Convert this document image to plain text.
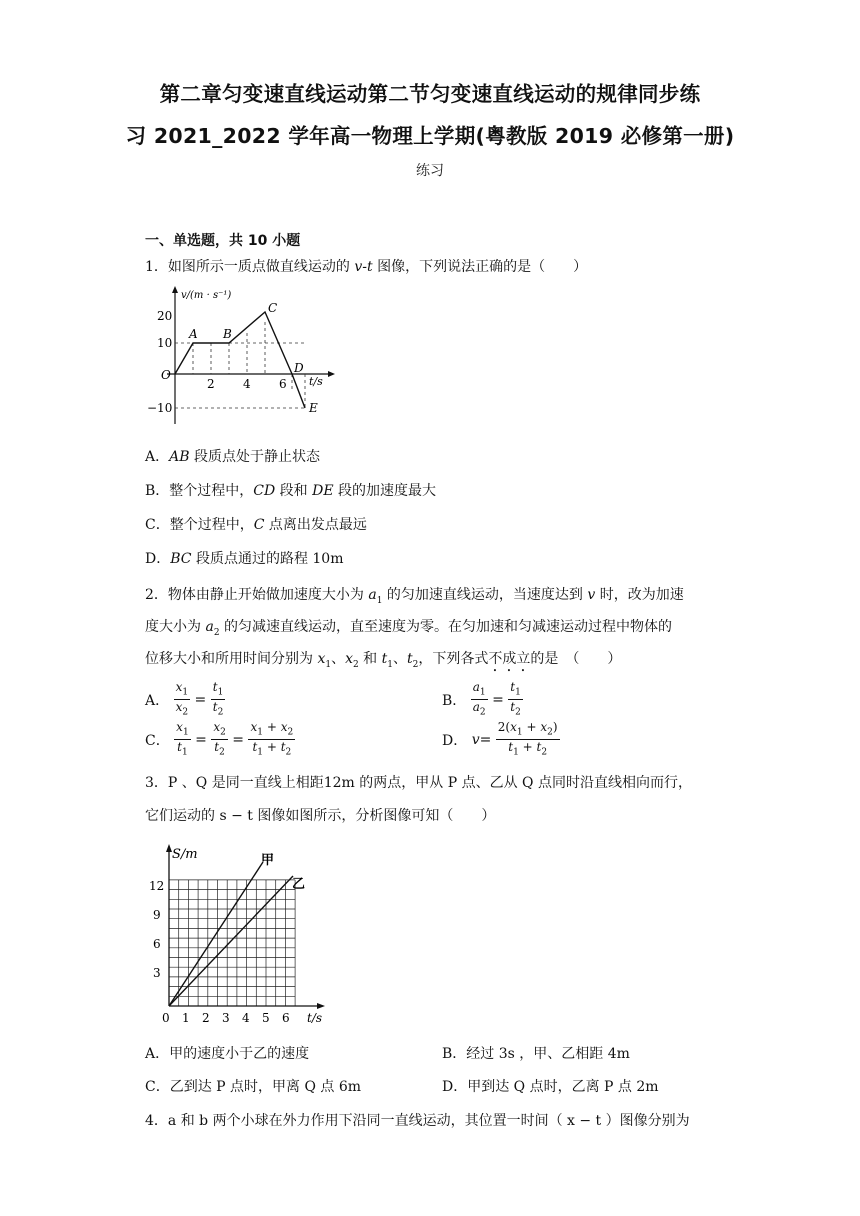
第二章匀变速直线运动第二节匀变速直线运动的规律同步练
习 2021_2022 学年高一物理上学期(粤教版 2019 必修第一册)
练习
一、单选题，共 10 小题
1．如图所示一质点做直线运动的 v-t 图像，下列说法正确的是（　　）
20
10
−10
O
2 4 6 t/s
v/(m · s⁻¹)
A B
C
D
E
A．AB 段质点处于静止状态
B．整个过程中，CD 段和 DE 段的加速度最大
C．整个过程中，C 点离出发点最远
D．BC 段质点通过的路程 10m
2．物体由静止开始做加速度大小为 $a_1$ 的匀加速直线运动，当速度达到 v 时，改为加速
度大小为 $a_2$ 的匀减速直线运动，直至速度为零。在匀加速和匀减速运动过程中物体的
位移大小和所用时间分别为 $x_1$、$x_2$ 和 $t_1$、$t_2$，下列各式不成立的是　（　　）
A． $\frac{x_1}{x_2} = \frac{t_1}{t_2}$	B． $\frac{a_1}{a_2} = \frac{t_1}{t_2}$
C． $\frac{x_1}{t_1} = \frac{x_2}{t_2} = \frac{x_1 + x_2}{t_1 + t_2}$	D． $v= \frac{2(x_1 + x_2)}{t_1 + t_2}$
3．P 、Q 是同一直线上相距12m 的两点，甲从 P 点、乙从 Q 点同时沿直线相向而行，
它们运动的 s − t 图像如图所示，分析图像可知（　　）
S/m	甲
乙
12
9
6
3
0 1 2 3 4 5 6 t/s
A．甲的速度小于乙的速度	B．经过 3s ，甲、乙相距 4m
C．乙到达 P 点时，甲离 Q 点 6m	D．甲到达 Q 点时，乙离 P 点 2m
4．a 和 b 两个小球在外力作用下沿同一直线运动，其位置一时间（ x − t ）图像分别为
